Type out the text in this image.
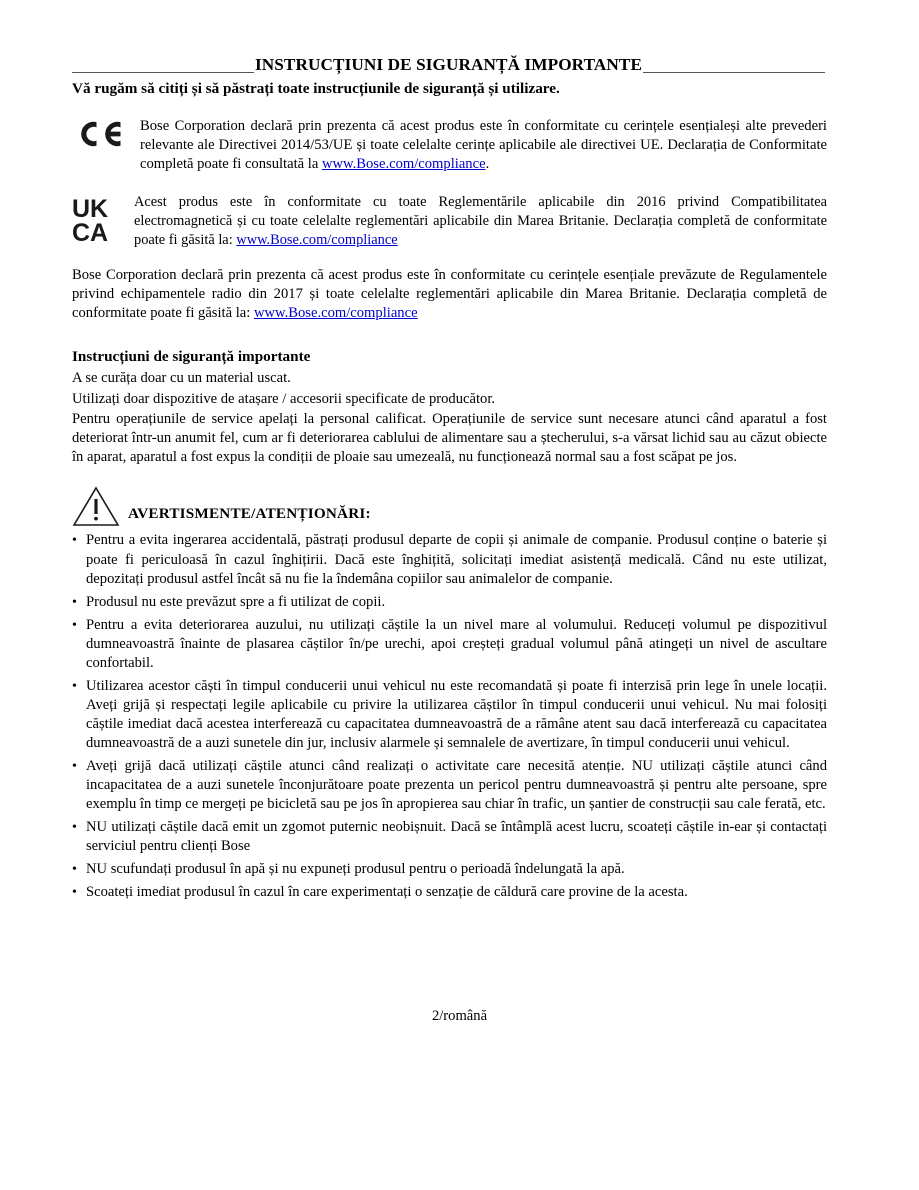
INSTRUCȚIUNI DE SIGURANȚĂ IMPORTANTE
Vă rugăm să citiți și să păstrați toate instrucțiunile de siguranță și utilizare.
Bose Corporation declară prin prezenta că acest produs este în conformitate cu cerințele esențialeși alte prevederi relevante ale Directivei 2014/53/UE și toate celelalte cerințe aplicabile ale directivei UE. Declarația de Conformitate completă poate fi consultată la www.Bose.com/compliance.
UK
CA
Acest produs este în conformitate cu toate Reglementările aplicabile din 2016 privind Compatibilitatea electromagnetică și cu toate celelalte reglementări aplicabile din Marea Britanie. Declarația completă de conformitate poate fi găsită la: www.Bose.com/compliance

Bose Corporation declară prin prezenta că acest produs este în conformitate cu cerințele esențiale prevăzute de Regulamentele privind echipamentele radio din 2017 și toate celelalte reglementări aplicabile din Marea Britanie. Declarația completă de conformitate poate fi găsită la: www.Bose.com/compliance

Instrucțiuni de siguranță importante
A se curăța doar cu un material uscat.
Utilizați doar dispozitive de atașare / accesorii specificate de producător.
Pentru operațiunile de service apelați la personal calificat. Operațiunile de service sunt necesare atunci când aparatul a fost deteriorat într-un anumit fel, cum ar fi deteriorarea cablului de alimentare sau a ștecherului, s-a vărsat lichid sau au căzut obiecte în aparat, aparatul a fost expus la condiții de ploaie sau umezeală, nu funcționează normal sau a fost scăpat pe jos.
AVERTISMENTE/ATENȚIONĂRI:
• Pentru a evita ingerarea accidentală, păstrați produsul departe de copii și animale de companie. Produsul conține o baterie și poate fi periculoasă în cazul înghițirii. Dacă este înghițită, solicitați imediat asistență medicală. Când nu este utilizat, depozitați produsul astfel încât să nu fie la îndemâna copiilor sau animalelor de companie.
• Produsul nu este prevăzut spre a fi utilizat de copii.
• Pentru a evita deteriorarea auzului, nu utilizați căștile la un nivel mare al volumului. Reduceți volumul pe dispozitivul dumneavoastră înainte de plasarea căștilor în/pe urechi, apoi creșteți gradual volumul până atingeți un nivel de ascultare confortabil.
• Utilizarea acestor căști în timpul conducerii unui vehicul nu este recomandată și poate fi interzisă prin lege în unele locații. Aveți grijă și respectați legile aplicabile cu privire la utilizarea căștilor în timpul conducerii unui vehicul. Nu mai folosiți căștile imediat dacă acestea interferează cu capacitatea dumneavoastră de a rămâne atent sau dacă interferează cu capacitatea dumneavoastră de a auzi sunetele din jur, inclusiv alarmele și semnalele de avertizare, în timpul conducerii unui vehicul.
• Aveți grijă dacă utilizați căștile atunci când realizați o activitate care necesită atenție. NU utilizați căștile atunci când incapacitatea de a auzi sunetele înconjurătoare poate prezenta un pericol pentru dumneavoastră și pentru alte persoane, spre exemplu în timp ce mergeți pe bicicletă sau pe jos în apropierea sau chiar în trafic, un șantier de construcții sau cale ferată, etc.
• NU utilizați căștile dacă emit un zgomot puternic neobișnuit. Dacă se întâmplă acest lucru, scoateți căștile in-ear și contactați serviciul pentru clienți Bose
• NU scufundați produsul în apă și nu expuneți produsul pentru o perioadă îndelungată la apă.
• Scoateți imediat produsul în cazul în care experimentați o senzație de căldură care provine de la acesta.
2/română
